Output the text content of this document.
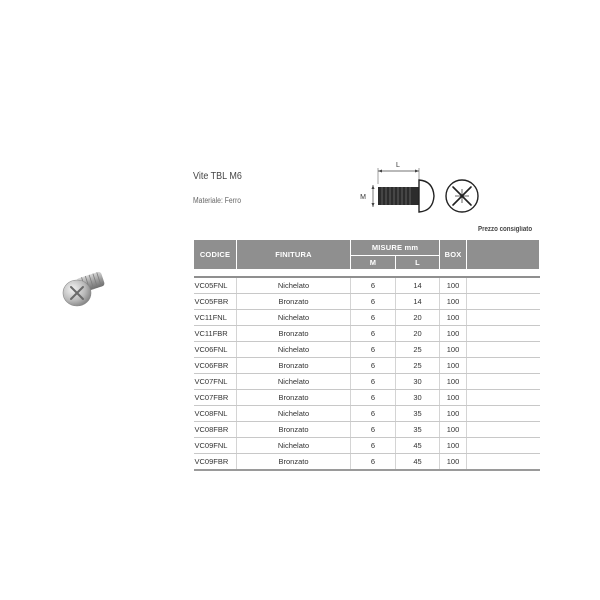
Vite TBL M6
Materiale: Ferro
L
M
Prezzo consigliato
CODICE	FINITURA	MISURE mm		BOX	
		M	L		

VC05FNL	Nichelato	6	14	100	
VC05FBR	Bronzato	6	14	100	
VC11FNL	Nichelato	6	20	100	
VC11FBR	Bronzato	6	20	100	
VC06FNL	Nichelato	6	25	100	
VC06FBR	Bronzato	6	25	100	
VC07FNL	Nichelato	6	30	100	
VC07FBR	Bronzato	6	30	100	
VC08FNL	Nichelato	6	35	100	
VC08FBR	Bronzato	6	35	100	
VC09FNL	Nichelato	6	45	100	
VC09FBR	Bronzato	6	45	100	
